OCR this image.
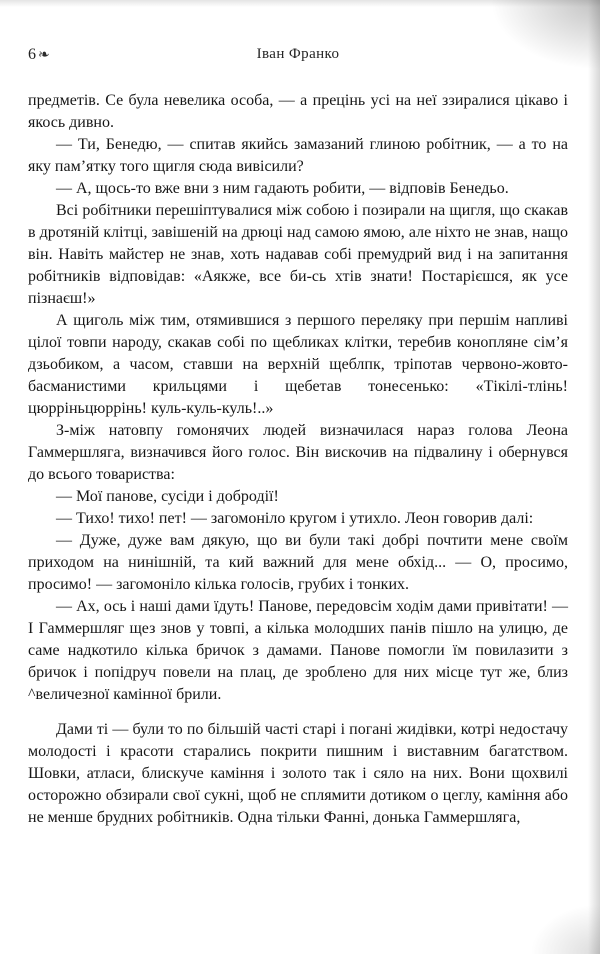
6 ❧	Іван Франко

предметів. Се була невелика особа, — а прецінь усі на неї ззиралися цікаво і якось дивно.

— Ти, Бенедю, — спитав якийсь замазаний глиною робітник, — а то на яку пам’ятку того щигля сюда вивісили?

— А, щось-то вже вни з ним гадають робити, — відповів Бенедьо.

Всі робітники перешіптувалися між собою і позирали на щигля, що скакав в дротяній клітці, завішеній на дрюці над самою ямою, але ніхто не знав, нащо він. Навіть майстер не знав, хоть надавав собі премудрий вид і на запитання робітників відповідав: «Аякже, все би-сь хтів знати! Постарієшся, як усе пізнаєш!»

А щиголь між тим, отямившися з першого переляку при першім напливі цілої товпи народу, скакав собі по щебликах клітки, теребив конопляне сім’я дзьобиком, а часом, ставши на верхній щеблпк, тріпотав червоно-жовто-басманистими крильцями і щебетав тонесенько: «Тікілі-тлінь! цюрріньцюррінь! куль-куль-куль!..»

З-між натовпу гомонячих людей визначилася нараз голова Леона Гаммершляга, визначився його голос. Він вискочив на підвалину і обернувся до всього товариства:

— Мої панове, сусіди і добродії!

— Тихо! тихо! пет! — загомоніло кругом і утихло. Леон говорив далі:

— Дуже, дуже вам дякую, що ви були такі добрі почтити мене своїм приходом на нинішній, та кий важний для мене обхід... — О, просимо, просимо! — загомоніло кілька голосів, грубих і тонких.

— Ах, ось і наші дами їдуть! Панове, передовсім ходім дами привітати! — І Гаммершляг щез знов у товпі, а кілька молодших панів пішло на улицю, де саме надкотило кілька бричок з дамами. Панове помогли їм повилазити з бричок і попідруч повели на плац, де зроблено для них місце тут же, близ ^величезної камінної брили.

Дами ті — були то по більшій часті старі і погані жидівки, котрі недостачу молодості і красоти старались покрити пишним і виставним багатством. Шовки, атласи, блискуче каміння і золото так і сяло на них. Вони щохвилі осторожно обзирали свої сукні, щоб не сплямити дотиком о цеглу, каміння або не менше брудних робітників. Одна тільки Фанні, донька Гаммершляга,
